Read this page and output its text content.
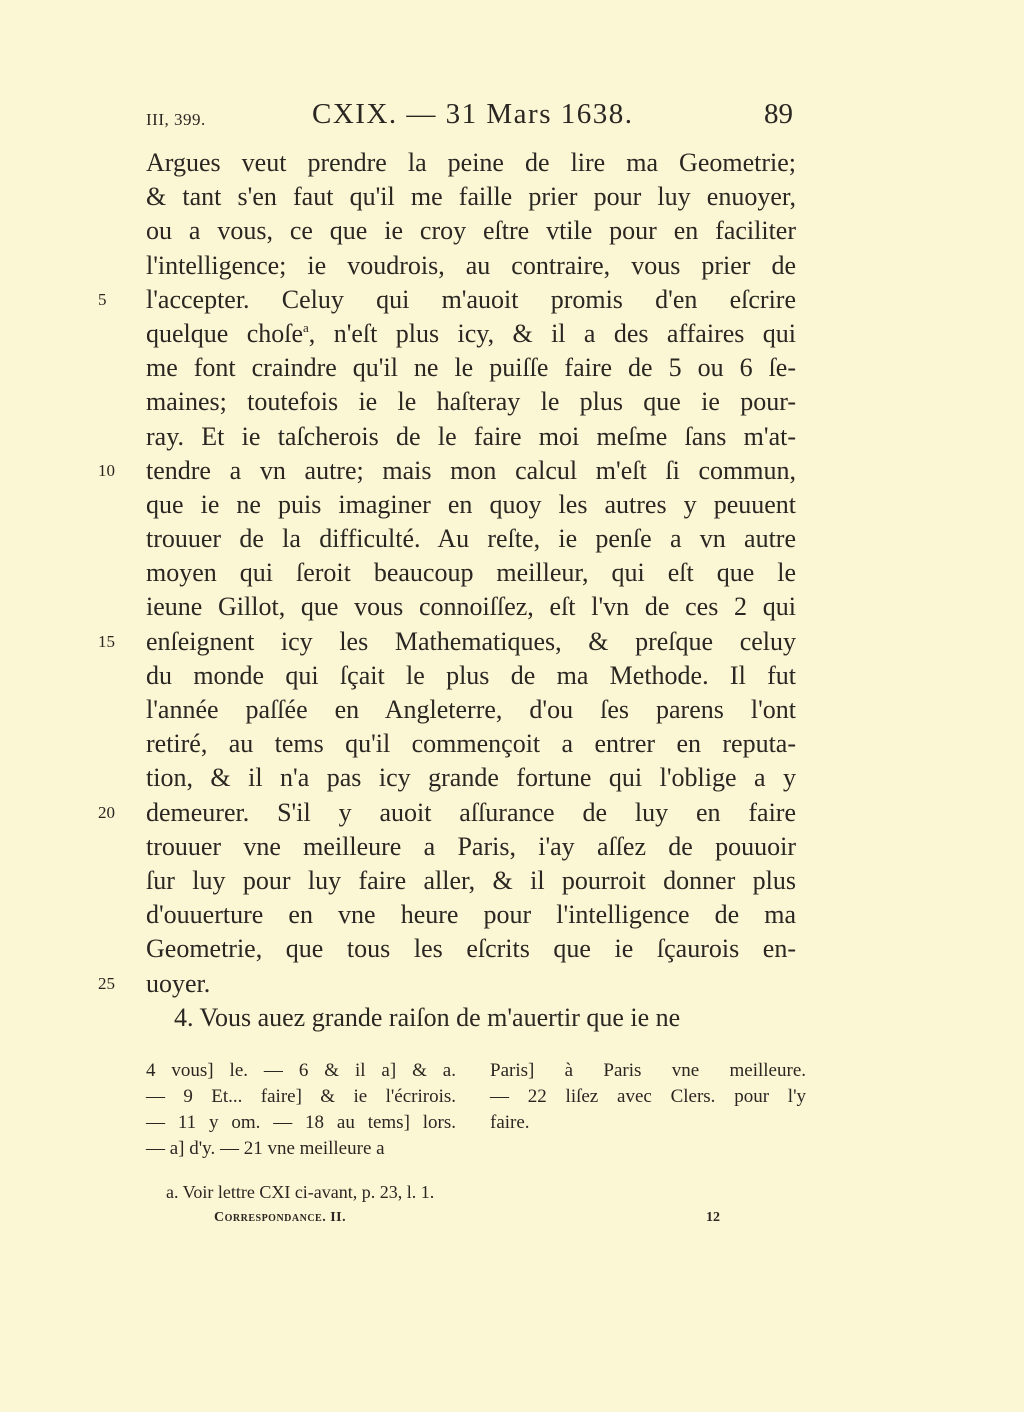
III, 399.	CXIX. — 31 Mars 1638.	89
Argues veut prendre la peine de lire ma Geometrie;
& tant s'en faut qu'il me faille prier pour luy enuoyer,
ou a vous, ce que ie croy eſtre vtile pour en faciliter
l'intelligence; ie voudrois, au contraire, vous prier de
5	l'accepter. Celuy qui m'auoit promis d'en eſcrire
quelque choſe$^a$, n'eſt plus icy, & il a des affaires qui
me font craindre qu'il ne le puiſſe faire de 5 ou 6 ſe-
maines; toutefois ie le haſteray le plus que ie pour-
ray. Et ie taſcherois de le faire moi meſme ſans m'at-
10	tendre a vn autre; mais mon calcul m'eſt ſi commun,
que ie ne puis imaginer en quoy les autres y peuuent
trouuer de la difficulté. Au reſte, ie penſe a vn autre
moyen qui ſeroit beaucoup meilleur, qui eſt que le
ieune Gillot, que vous connoiſſez, eſt l'vn de ces 2 qui
15	enſeignent icy les Mathematiques, & preſque celuy
du monde qui ſçait le plus de ma Methode. Il fut
l'année paſſée en Angleterre, d'ou ſes parens l'ont
retiré, au tems qu'il commençoit a entrer en reputa-
tion, & il n'a pas icy grande fortune qui l'oblige a y
20	demeurer. S'il y auoit aſſurance de luy en faire
trouuer vne meilleure a Paris, i'ay aſſez de pouuoir
ſur luy pour luy faire aller, & il pourroit donner plus
d'ouuerture en vne heure pour l'intelligence de ma
Geometrie, que tous les eſcrits que ie ſçaurois en-
25	uoyer.
4. Vous auez grande raiſon de m'auertir que ie ne
4 vous] le. — 6 & il a] & a.
— 9 Et... faire] & ie l'écrirois.
— 11 y om. — 18 au tems] lors.
— a] d'y. — 21 vne meilleure a
Paris] à Paris vne meilleure.
— 22 liſez avec Clers. pour l'y
faire.
a. Voir lettre CXI ci-avant, p. 23, l. 1.
Correspondance. II.	12
